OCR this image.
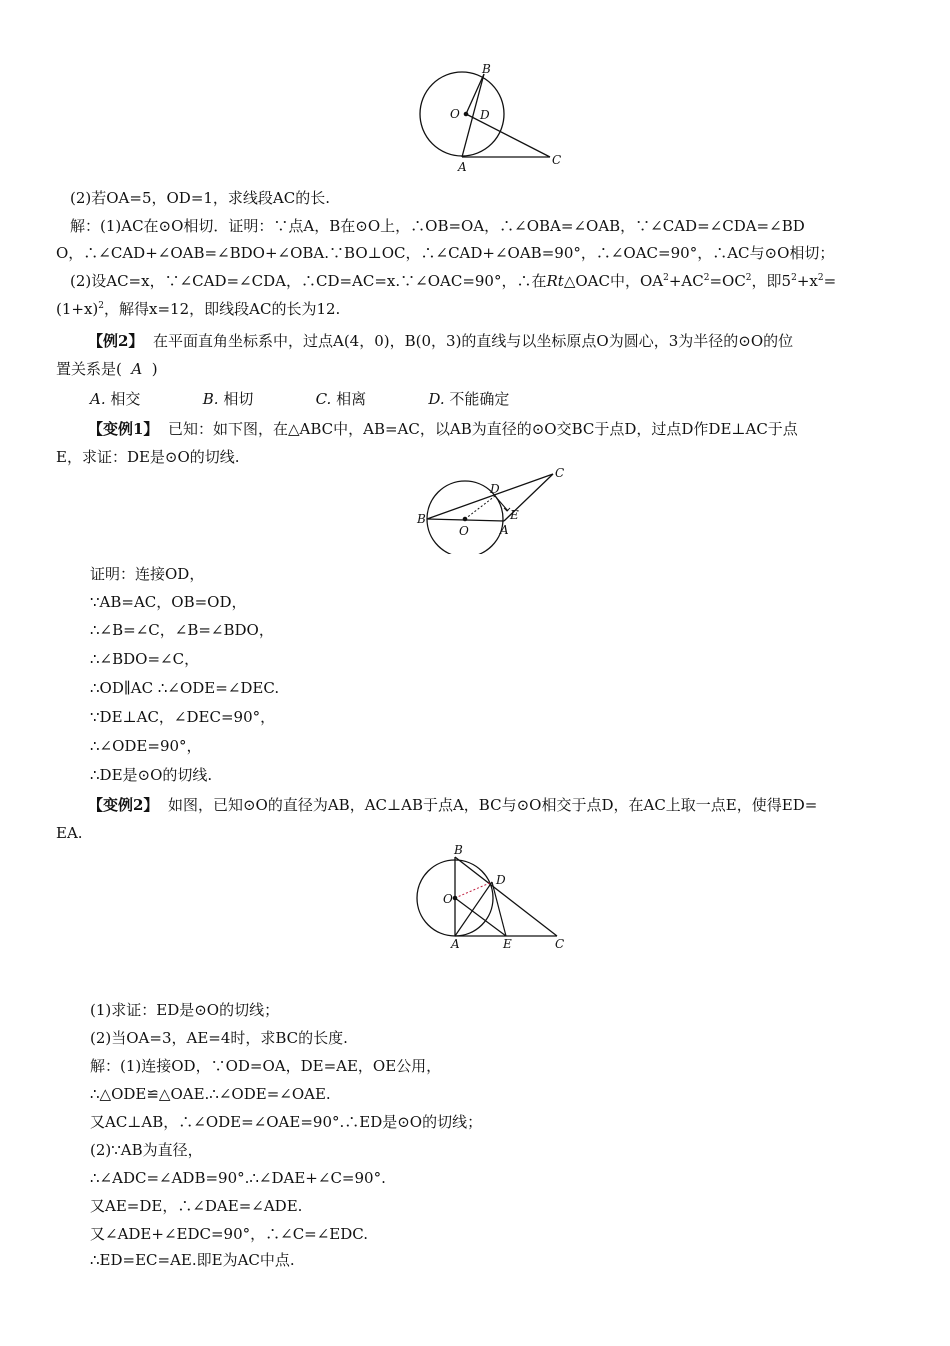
B
O D
A	C
(2)若OA=5，OD=1，求线段AC的长.
解：(1)AC在⊙O相切．证明：∵点A，B在⊙O上，∴OB=OA，∴∠OBA=∠OAB，∵∠CAD=∠CDA=∠BD
O，∴∠CAD+∠OAB=∠BDO+∠OBA.∵BO⊥OC，∴∠CAD+∠OAB=90°，∴∠OAC=90°，∴AC与⊙O相切；
(2)设AC=x，∵∠CAD=∠CDA，∴CD=AC=x.∵∠OAC=90°，∴在Rt△OAC中，$OA^2+AC^2=OC^2$，即$5^2+x^2=$
$(1+x)^2$，解得x=12，即线段AC的长为12.
【例2】 在平面直角坐标系中，过点A(4，0)，B(0，3)的直线与以坐标原点O为圆心，3为半径的⊙O的位
置关系是( A )
A. 相交	B. 相切	C. 相离	D. 不能确定
【变例1】 已知：如下图，在△ABC中，AB=AC，以AB为直径的⊙O交BC于点D，过点D作DE⊥AC于点
E，求证：DE是⊙O的切线.
C
D
E
B
O	A
证明：连接OD，
∵AB=AC，OB=OD，
∴∠B=∠C，∠B=∠BDO，
∴∠BDO=∠C，
∴OD∥AC ∴∠ODE=∠DEC.
∵DE⊥AC，∠DEC=90°，
∴∠ODE=90°，
∴DE是⊙O的切线.
【变例2】 如图，已知⊙O的直径为AB，AC⊥AB于点A，BC与⊙O相交于点D，在AC上取一点E，使得ED=
EA.
B
D
O
A	E	C
(1)求证：ED是⊙O的切线；
(2)当OA=3，AE=4时，求BC的长度.
解：(1)连接OD，∵OD=OA，DE=AE，OE公用，
∴△ODE≌△OAE.∴∠ODE=∠OAE.
又AC⊥AB，∴∠ODE=∠OAE=90°.∴ED是⊙O的切线；
(2)∵AB为直径，
∴∠ADC=∠ADB=90°.∴∠DAE+∠C=90°.
又AE=DE，∴∠DAE=∠ADE.
又∠ADE+∠EDC=90°，∴∠C=∠EDC.
∴ED=EC=AE.即E为AC中点.
